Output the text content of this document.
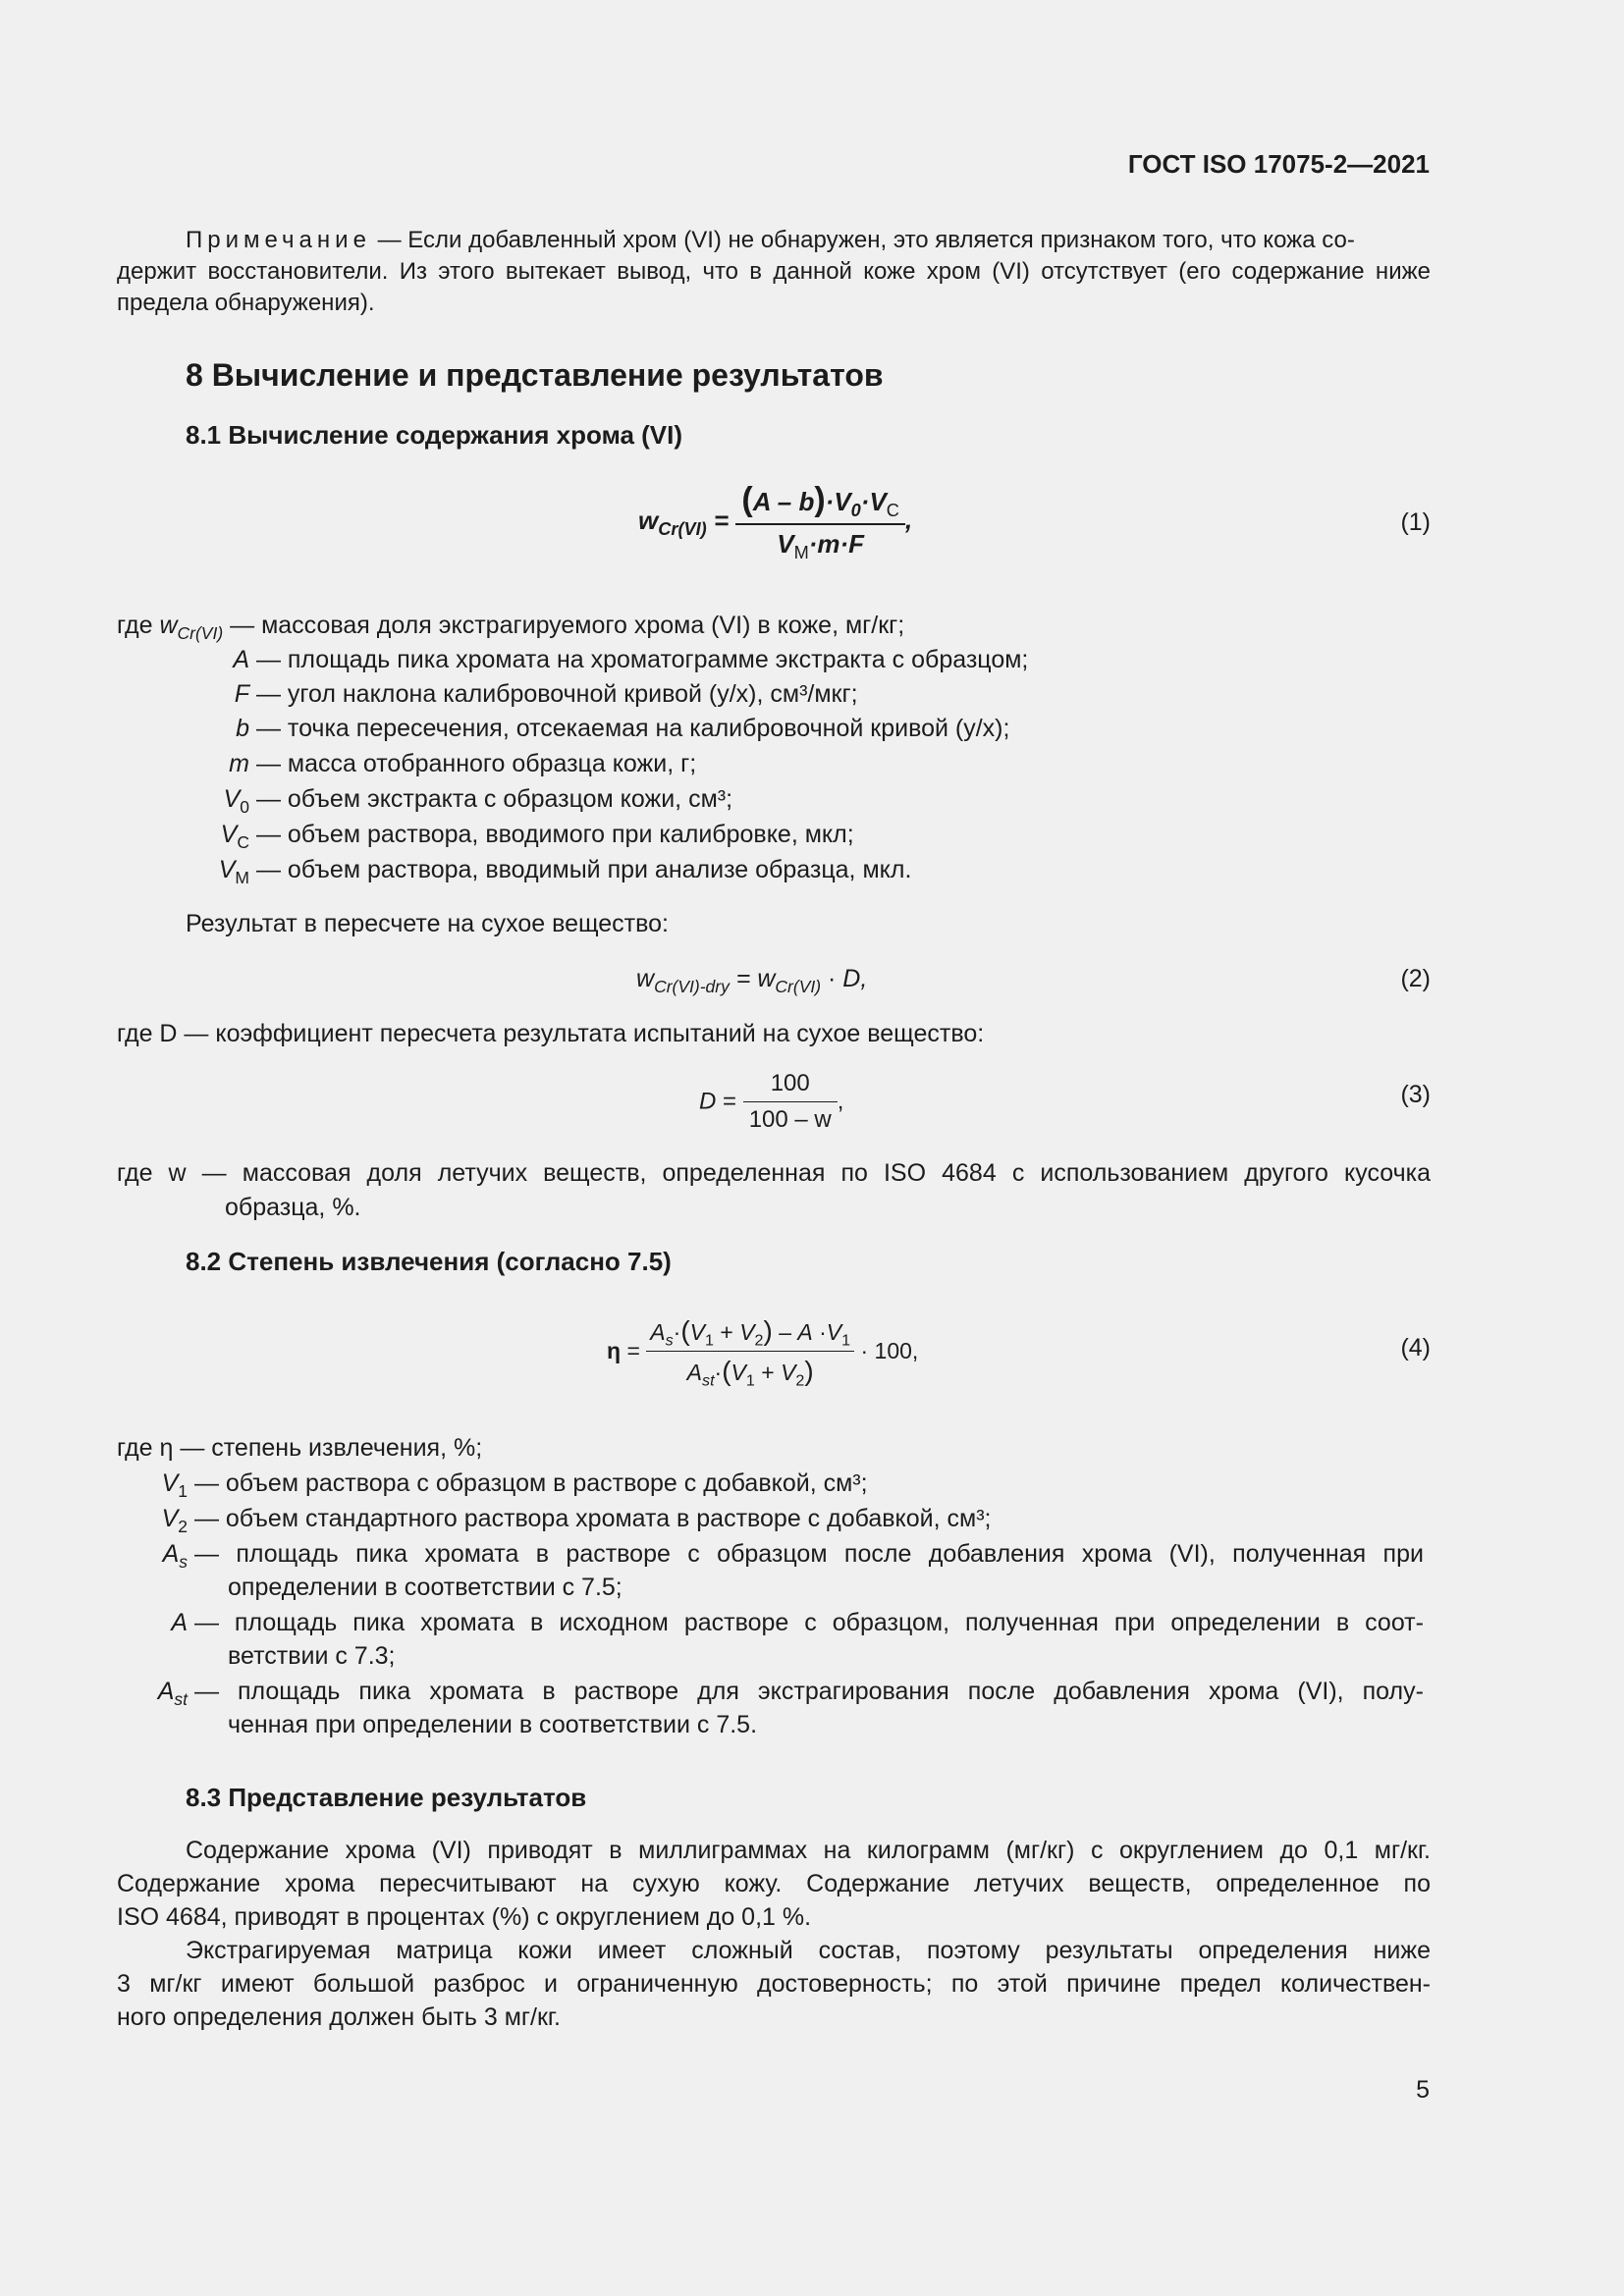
ГОСТ ISO 17075-2—2021
Примечание — Если добавленный хром (VI) не обнаружен, это является признаком того, что кожа со-
держит восстановители. Из этого вытекает вывод, что в данной коже хром (VI) отсутствует (его содержание ниже
предела обнаружения).
8 Вычисление и представление результатов
8.1 Вычисление содержания хрома (VI)
$w_{Cr(VI)} = \frac{(A - b)\cdot V_0\cdot V_C}{V_M\cdot m\cdot F}$ ,	(1)
где $w_{Cr(VI)}$ — массовая доля экстрагируемого хрома (VI) в коже, мг/кг;
A — площадь пика хромата на хроматограмме экстракта с образцом;
F — угол наклона калибровочной кривой (y/x), см³/мкг;
b — точка пересечения, отсекаемая на калибровочной кривой (у/х);
m — масса отобранного образца кожи, г;
$V_0$ — объем экстракта с образцом кожи, см³;
$V_C$ — объем раствора, вводимого при калибровке, мкл;
$V_M$ — объем раствора, вводимый при анализе образца, мкл.
Результат в пересчете на сухое вещество:
$w_{Cr(VI)-dry} = w_{Cr(VI)} \cdot D$,	(2)
где D — коэффициент пересчета результата испытаний на сухое вещество:
$D = \frac{100}{100 - w}$ ,	(3)
где w — массовая доля летучих веществ, определенная по ISO 4684 с использованием другого кусочка
образца, %.
8.2 Степень извлечения (согласно 7.5)
$\eta = \frac{A_s\cdot(V_1 + V_2) - A \cdot V_1}{A_{st}\cdot(V_1 + V_2)} \cdot 100$,	(4)
где η — степень извлечения, %;
$V_1$ — объем раствора с образцом в растворе с добавкой, см³;
$V_2$ — объем стандартного раствора хромата в растворе с добавкой, см³;
$A_s$ — площадь пика хромата в растворе с образцом после добавления хрома (VI), полученная при
определении в соответствии с 7.5;
A — площадь пика хромата в исходном растворе с образцом, полученная при определении в соот-
ветствии с 7.3;
$A_{st}$ — площадь пика хромата в растворе для экстрагирования после добавления хрома (VI), полу-
ченная при определении в соответствии с 7.5.
8.3 Представление результатов
Содержание хрома (VI) приводят в миллиграммах на килограмм (мг/кг) с округлением до 0,1 мг/кг.
Содержание хрома пересчитывают на сухую кожу. Содержание летучих веществ, определенное по
ISO 4684, приводят в процентах (%) с округлением до 0,1 %.
Экстрагируемая матрица кожи имеет сложный состав, поэтому результаты определения ниже
3 мг/кг имеют большой разброс и ограниченную достоверность; по этой причине предел количествен-
ного определения должен быть 3 мг/кг.
5
